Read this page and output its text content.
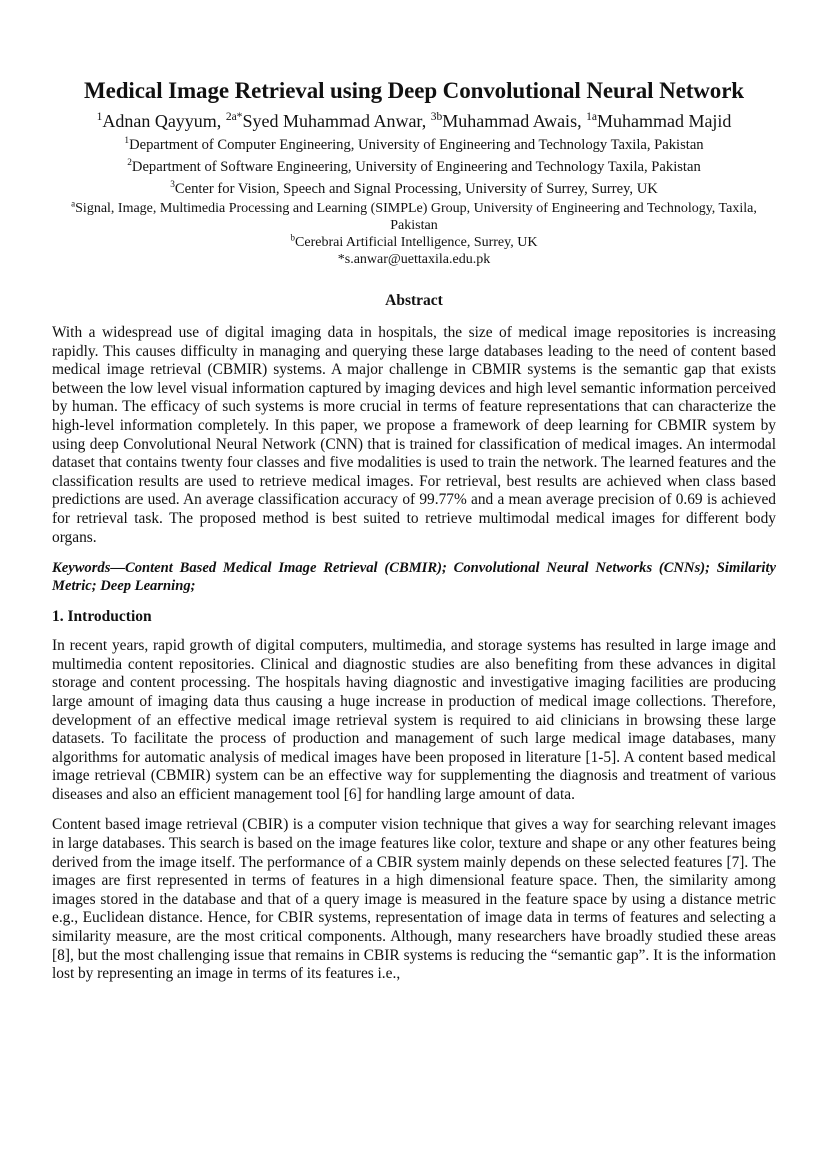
Medical Image Retrieval using Deep Convolutional Neural Network
$^1$Adnan Qayyum, $^{2a*}$Syed Muhammad Anwar, $^{3b}$Muhammad Awais, $^{1a}$Muhammad Majid
$^1$Department of Computer Engineering, University of Engineering and Technology Taxila, Pakistan
$^2$Department of Software Engineering, University of Engineering and Technology Taxila, Pakistan
$^3$Center for Vision, Speech and Signal Processing, University of Surrey, Surrey, UK
$^a$Signal, Image, Multimedia Processing and Learning (SIMPLe) Group, University of Engineering and Technology, Taxila, Pakistan
$^b$Cerebrai Artificial Intelligence, Surrey, UK
*s.anwar@uettaxila.edu.pk
Abstract

With a widespread use of digital imaging data in hospitals, the size of medical image repositories is increasing rapidly. This causes difficulty in managing and querying these large databases leading to the need of content based medical image retrieval (CBMIR) systems. A major challenge in CBMIR systems is the semantic gap that exists between the low level visual information captured by imaging devices and high level semantic information perceived by human. The efficacy of such systems is more crucial in terms of feature representations that can characterize the high-level information completely. In this paper, we propose a framework of deep learning for CBMIR system by using deep Convolutional Neural Network (CNN) that is trained for classification of medical images. An intermodal dataset that contains twenty four classes and five modalities is used to train the network. The learned features and the classification results are used to retrieve medical images. For retrieval, best results are achieved when class based predictions are used. An average classification accuracy of 99.77% and a mean average precision of 0.69 is achieved for retrieval task. The proposed method is best suited to retrieve multimodal medical images for different body organs.

Keywords—Content Based Medical Image Retrieval (CBMIR); Convolutional Neural Networks (CNNs); Similarity Metric; Deep Learning;
1. Introduction

In recent years, rapid growth of digital computers, multimedia, and storage systems has resulted in large image and multimedia content repositories. Clinical and diagnostic studies are also benefiting from these advances in digital storage and content processing. The hospitals having diagnostic and investigative imaging facilities are producing large amount of imaging data thus causing a huge increase in production of medical image collections. Therefore, development of an effective medical image retrieval system is required to aid clinicians in browsing these large datasets. To facilitate the process of production and management of such large medical image databases, many algorithms for automatic analysis of medical images have been proposed in literature [1-5]. A content based medical image retrieval (CBMIR) system can be an effective way for supplementing the diagnosis and treatment of various diseases and also an efficient management tool [6] for handling large amount of data.

Content based image retrieval (CBIR) is a computer vision technique that gives a way for searching relevant images in large databases. This search is based on the image features like color, texture and shape or any other features being derived from the image itself. The performance of a CBIR system mainly depends on these selected features [7]. The images are first represented in terms of features in a high dimensional feature space. Then, the similarity among images stored in the database and that of a query image is measured in the feature space by using a distance metric e.g., Euclidean distance. Hence, for CBIR systems, representation of image data in terms of features and selecting a similarity measure, are the most critical components. Although, many researchers have broadly studied these areas [8], but the most challenging issue that remains in CBIR systems is reducing the “semantic gap”. It is the information lost by representing an image in terms of its features i.e.,
